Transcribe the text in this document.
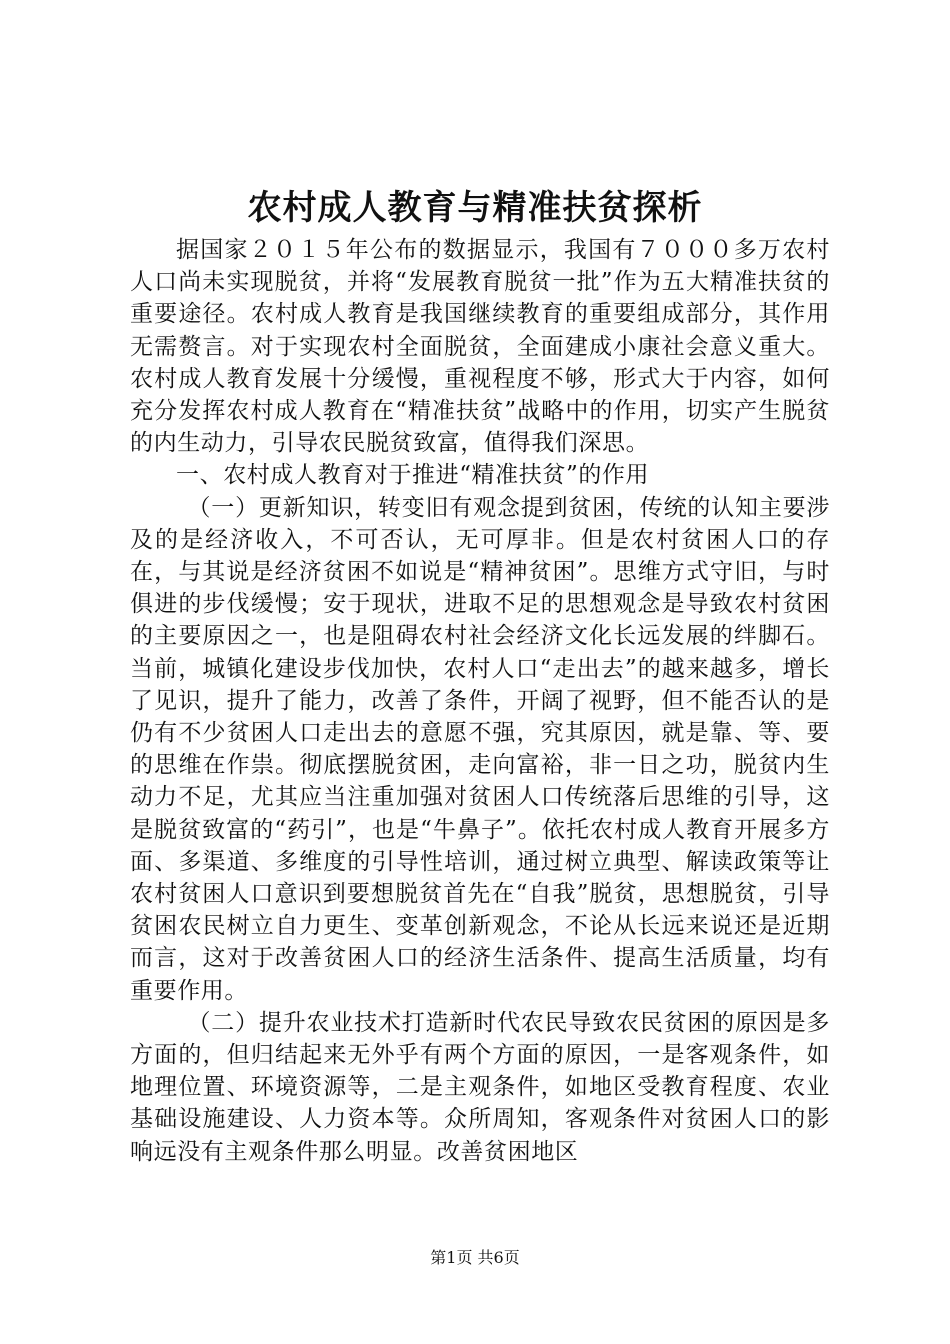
农村成人教育与精准扶贫探析

据国家２０１５年公布的数据显示，我国有７０００多万农村人口尚未实现脱贫，并将“发展教育脱贫一批”作为五大精准扶贫的重要途径。农村成人教育是我国继续教育的重要组成部分，其作用无需赘言。对于实现农村全面脱贫，全面建成小康社会意义重大。农村成人教育发展十分缓慢，重视程度不够，形式大于内容，如何充分发挥农村成人教育在“精准扶贫”战略中的作用，切实产生脱贫的内生动力，引导农民脱贫致富，值得我们深思。

一、农村成人教育对于推进“精准扶贫”的作用

（一）更新知识，转变旧有观念提到贫困，传统的认知主要涉及的是经济收入，不可否认，无可厚非。但是农村贫困人口的存在，与其说是经济贫困不如说是“精神贫困”。思维方式守旧，与时俱进的步伐缓慢；安于现状，进取不足的思想观念是导致农村贫困的主要原因之一，也是阻碍农村社会经济文化长远发展的绊脚石。当前，城镇化建设步伐加快，农村人口“走出去”的越来越多，增长了见识，提升了能力，改善了条件，开阔了视野，但不能否认的是仍有不少贫困人口走出去的意愿不强，究其原因，就是靠、等、要的思维在作祟。彻底摆脱贫困，走向富裕，非一日之功，脱贫内生动力不足，尤其应当注重加强对贫困人口传统落后思维的引导，这是脱贫致富的“药引”，也是“牛鼻子”。依托农村成人教育开展多方面、多渠道、多维度的引导性培训，通过树立典型、解读政策等让农村贫困人口意识到要想脱贫首先在“自我”脱贫，思想脱贫，引导贫困农民树立自力更生、变革创新观念，不论从长远来说还是近期而言，这对于改善贫困人口的经济生活条件、提高生活质量，均有重要作用。

（二）提升农业技术打造新时代农民导致农民贫困的原因是多方面的，但归结起来无外乎有两个方面的原因，一是客观条件，如地理位置、环境资源等，二是主观条件，如地区受教育程度、农业基础设施建设、人力资本等。众所周知，客观条件对贫困人口的影响远没有主观条件那么明显。改善贫困地区

第1页 共6页
